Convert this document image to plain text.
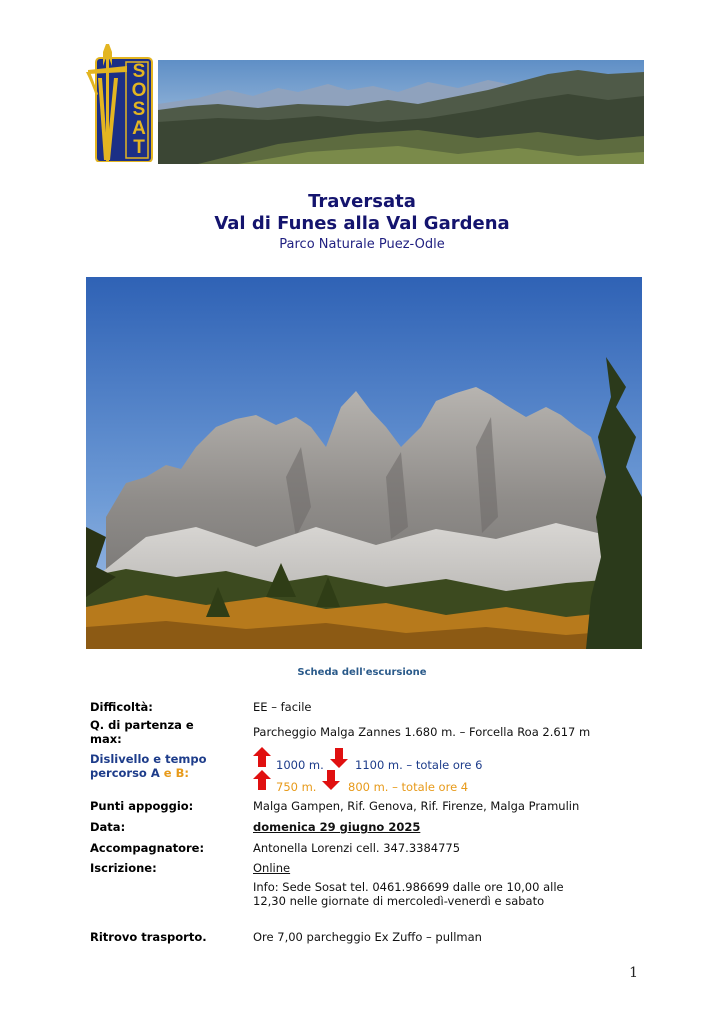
SOSAT
Traversata
Val di Funes alla Val Gardena
Parco Naturale Puez-Odle
Scheda dell'escursione
Difficoltà:	EE – facile
Q. di partenza e
max:	Parcheggio Malga Zannes 1.680 m. – Forcella Roa 2.617 m
Dislivello e tempo
percorso A e B:
1000 m.	1100 m. – totale ore 6
750 m.	800 m. – totale ore 4
Punti appoggio:	Malga Gampen, Rif. Genova, Rif. Firenze, Malga Pramulin
Data:	domenica 29 giugno 2025
Accompagnatore:	Antonella Lorenzi cell. 347.3384775
Iscrizione:	Online
Info: Sede Sosat tel. 0461.986699 dalle ore 10,00 alle
12,30 nelle giornate di mercoledì-venerdì e sabato
Ritrovo trasporto.	Ore 7,00 parcheggio Ex Zuffo – pullman
1
